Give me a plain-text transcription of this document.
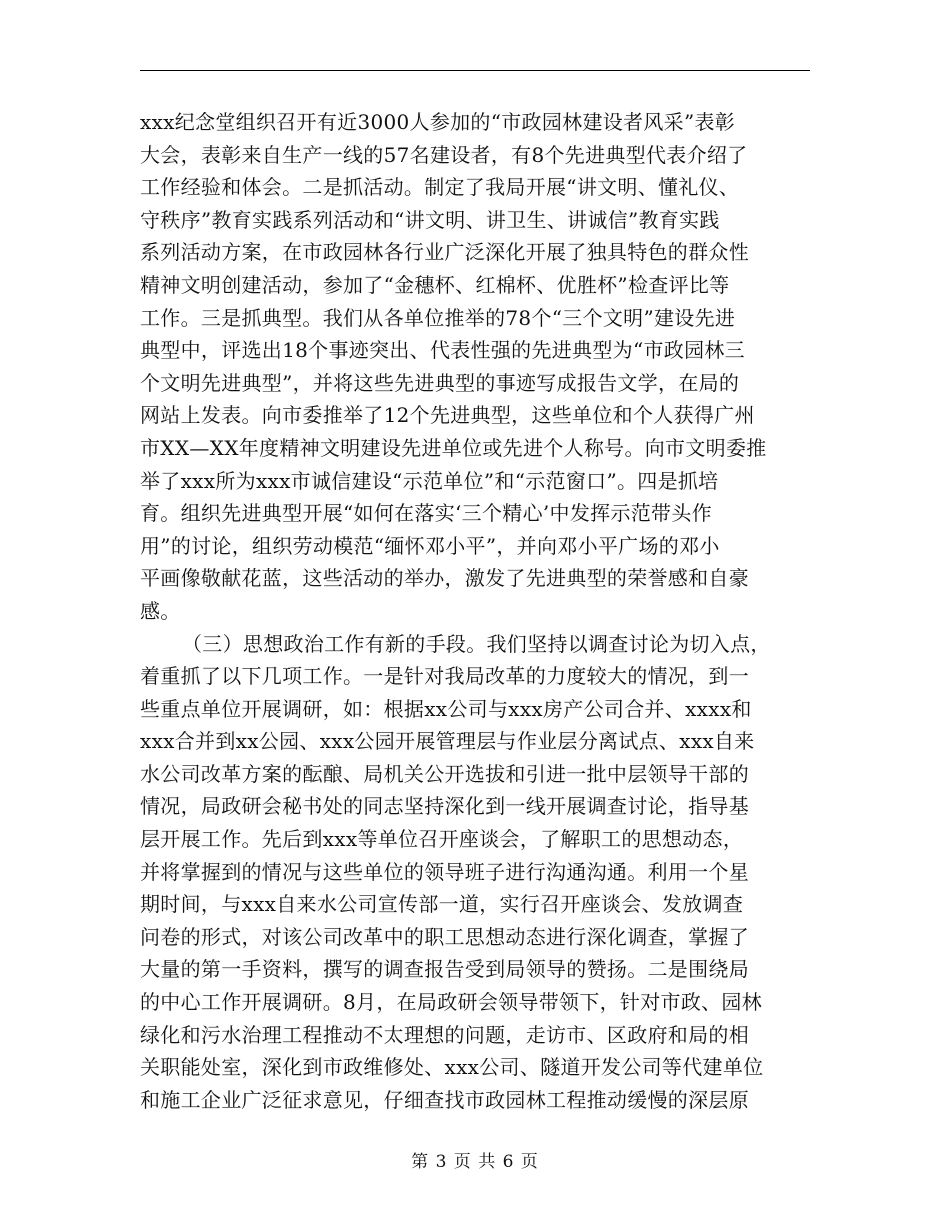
xxx纪念堂组织召开有近3000人参加的“市政园林建设者风采”表彰
大会，表彰来自生产一线的57名建设者，有8个先进典型代表介绍了
工作经验和体会。二是抓活动。制定了我局开展“讲文明、懂礼仪、
守秩序”教育实践系列活动和“讲文明、讲卫生、讲诚信”教育实践
系列活动方案，在市政园林各行业广泛深化开展了独具特色的群众性
精神文明创建活动，参加了“金穗杯、红棉杯、优胜杯”检查评比等
工作。三是抓典型。我们从各单位推举的78个“三个文明”建设先进
典型中，评选出18个事迹突出、代表性强的先进典型为“市政园林三
个文明先进典型”，并将这些先进典型的事迹写成报告文学，在局的
网站上发表。向市委推举了12个先进典型，这些单位和个人获得广州
市XX—XX年度精神文明建设先进单位或先进个人称号。向市文明委推
举了xxx所为xxx市诚信建设“示范单位”和“示范窗口”。四是抓培
育。组织先进典型开展“如何在落实‘三个精心’中发挥示范带头作
用”的讨论，组织劳动模范“缅怀邓小平”，并向邓小平广场的邓小
平画像敬献花蓝，这些活动的举办，激发了先进典型的荣誉感和自豪
感。
（三）思想政治工作有新的手段。我们坚持以调查讨论为切入点，
着重抓了以下几项工作。一是针对我局改革的力度较大的情况，到一
些重点单位开展调研，如：根据xx公司与xxx房产公司合并、xxxx和
xxx合并到xx公园、xxx公园开展管理层与作业层分离试点、xxx自来
水公司改革方案的酝酿、局机关公开选拔和引进一批中层领导干部的
情况，局政研会秘书处的同志坚持深化到一线开展调查讨论，指导基
层开展工作。先后到xxx等单位召开座谈会，了解职工的思想动态，
并将掌握到的情况与这些单位的领导班子进行沟通沟通。利用一个星
期时间，与xxx自来水公司宣传部一道，实行召开座谈会、发放调查
问卷的形式，对该公司改革中的职工思想动态进行深化调查，掌握了
大量的第一手资料，撰写的调查报告受到局领导的赞扬。二是围绕局
的中心工作开展调研。8月，在局政研会领导带领下，针对市政、园林
绿化和污水治理工程推动不太理想的问题，走访市、区政府和局的相
关职能处室，深化到市政维修处、xxx公司、隧道开发公司等代建单位
和施工企业广泛征求意见，仔细查找市政园林工程推动缓慢的深层原
第 3 页 共 6 页
